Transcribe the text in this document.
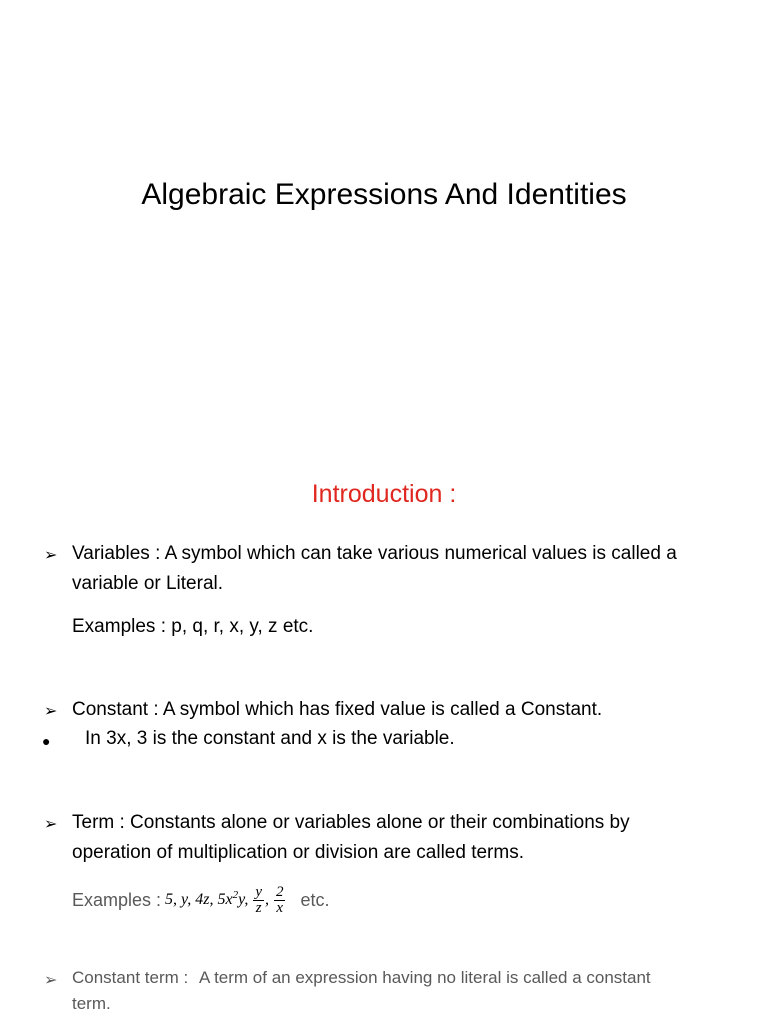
Algebraic Expressions And Identities
Introduction :
➢ Variables : A symbol which can take various numerical values is called a
variable or Literal.
Examples : p, q, r, x, y, z etc.
➢ Constant : A symbol which has fixed value is called a Constant.
● In 3x, 3 is the constant and x is the variable.
➢ Term : Constants alone or variables alone or their combinations by
operation of multiplication or division are called terms.
Examples : 5, y, 4z, $5x^2y$, $\frac{y}{z}$ , $\frac{2}{x}$ etc.
➢ Constant term : A term of an expression having no literal is called a constant
term.
